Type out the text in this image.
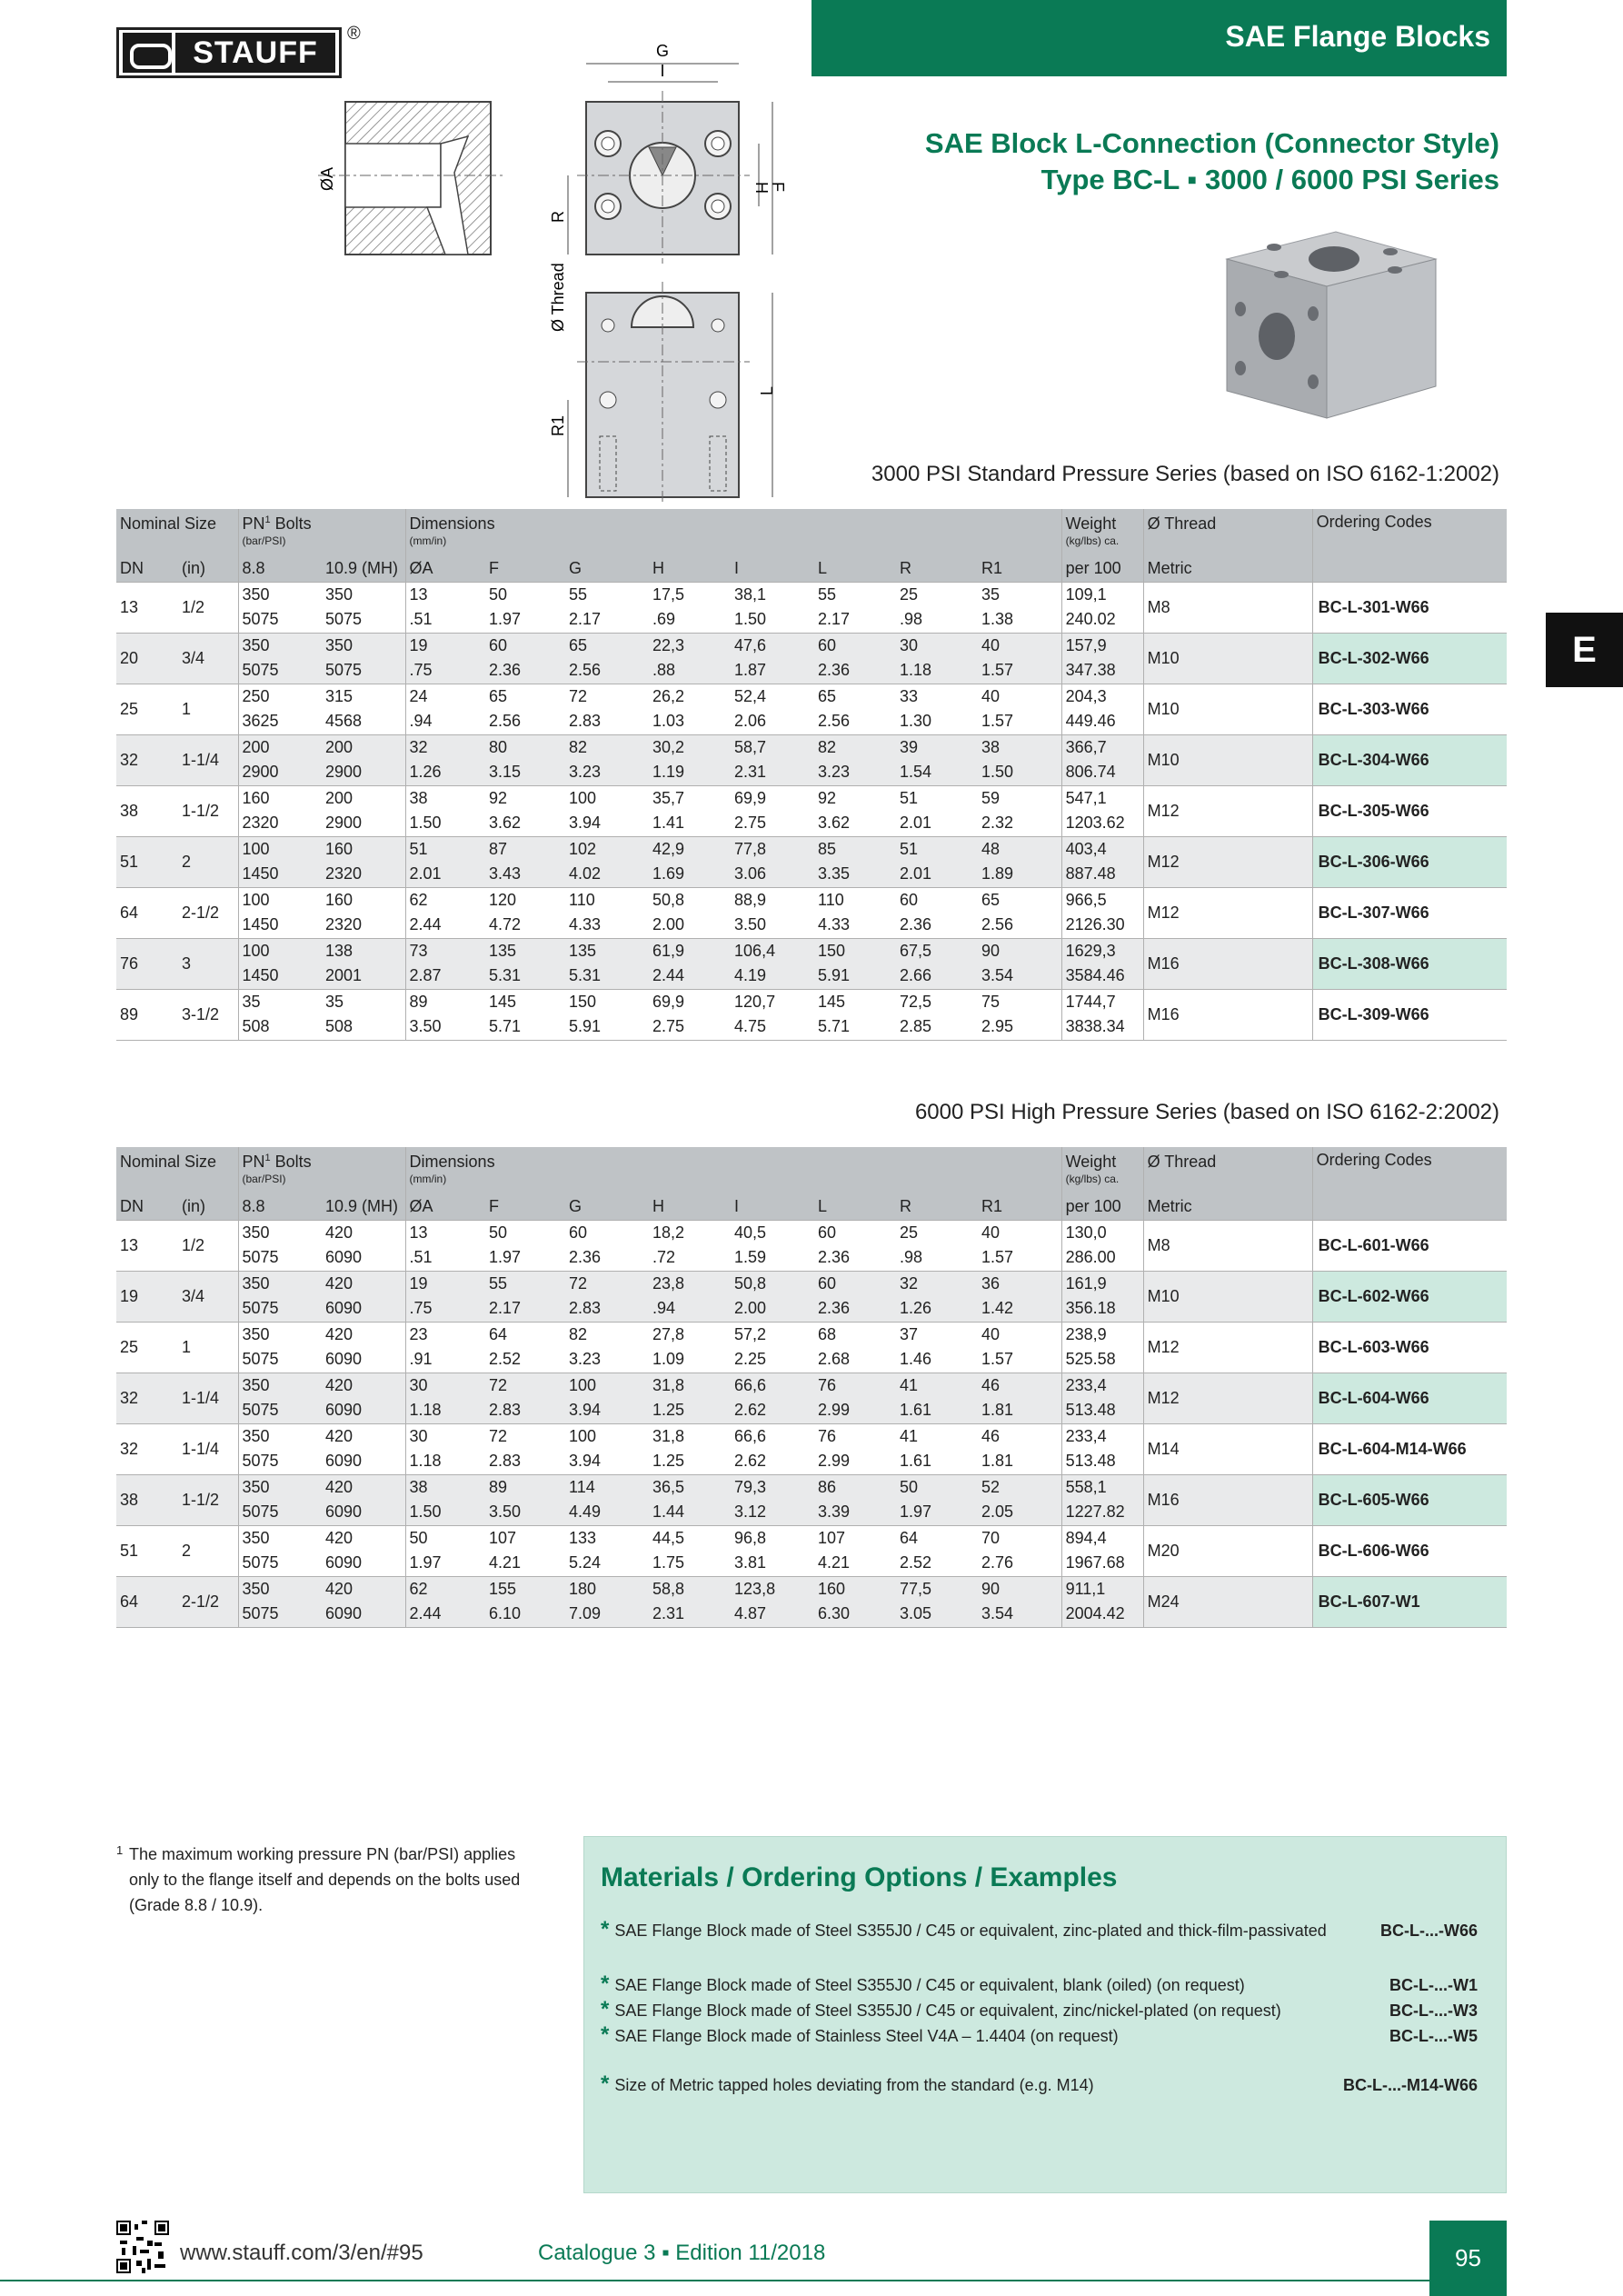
STAUFF
®	SAE Flange Blocks
SAE Block L-Connection (Connector Style)
Type BC-L ▪ 3000 / 6000 PSI Series
E
G
I
H
F
R
ØA
Ø Thread
L
R1
3000 PSI Standard Pressure Series (based on ISO 6162-1:2002)
Nominal Size		$PN^1$ Bolts		Dimensions								Weight	Ø Thread	Ordering Codes
		(bar/PSI)		(mm/in)								(kg/lbs) ca.		
DN	(in)	8.8	10.9 (MH)	ØA	F	G	H	I	L	R	R1	per 100	Metric	
13	1/2	350	350	13	50	55	17,5	38,1	55	25	35	109,1	M8	BC-L-301-W66
		5075	5075	.51	1.97	2.17	.69	1.50	2.17	.98	1.38	240.02		
20	3/4	350	350	19	60	65	22,3	47,6	60	30	40	157,9	M10	BC-L-302-W66
		5075	5075	.75	2.36	2.56	.88	1.87	2.36	1.18	1.57	347.38		
25	1	250	315	24	65	72	26,2	52,4	65	33	40	204,3	M10	BC-L-303-W66
		3625	4568	.94	2.56	2.83	1.03	2.06	2.56	1.30	1.57	449.46		
32	1-1/4	200	200	32	80	82	30,2	58,7	82	39	38	366,7	M10	BC-L-304-W66
		2900	2900	1.26	3.15	3.23	1.19	2.31	3.23	1.54	1.50	806.74		
38	1-1/2	160	200	38	92	100	35,7	69,9	92	51	59	547,1	M12	BC-L-305-W66
		2320	2900	1.50	3.62	3.94	1.41	2.75	3.62	2.01	2.32	1203.62		
51	2	100	160	51	87	102	42,9	77,8	85	51	48	403,4	M12	BC-L-306-W66
		1450	2320	2.01	3.43	4.02	1.69	3.06	3.35	2.01	1.89	887.48		
64	2-1/2	100	160	62	120	110	50,8	88,9	110	60	65	966,5	M12	BC-L-307-W66
		1450	2320	2.44	4.72	4.33	2.00	3.50	4.33	2.36	2.56	2126.30		
76	3	100	138	73	135	135	61,9	106,4	150	67,5	90	1629,3	M16	BC-L-308-W66
		1450	2001	2.87	5.31	5.31	2.44	4.19	5.91	2.66	3.54	3584.46		
89	3-1/2	35	35	89	145	150	69,9	120,7	145	72,5	75	1744,7	M16	BC-L-309-W66
		508	508	3.50	5.71	5.91	2.75	4.75	5.71	2.85	2.95	3838.34		
6000 PSI High Pressure Series (based on ISO 6162-2:2002)
Nominal Size		$PN^1$ Bolts		Dimensions								Weight	Ø Thread	Ordering Codes
		(bar/PSI)		(mm/in)								(kg/lbs) ca.		
DN	(in)	8.8	10.9 (MH)	ØA	F	G	H	I	L	R	R1	per 100	Metric	
13	1/2	350	420	13	50	60	18,2	40,5	60	25	40	130,0	M8	BC-L-601-W66
		5075	6090	.51	1.97	2.36	.72	1.59	2.36	.98	1.57	286.00		
19	3/4	350	420	19	55	72	23,8	50,8	60	32	36	161,9	M10	BC-L-602-W66
		5075	6090	.75	2.17	2.83	.94	2.00	2.36	1.26	1.42	356.18		
25	1	350	420	23	64	82	27,8	57,2	68	37	40	238,9	M12	BC-L-603-W66
		5075	6090	.91	2.52	3.23	1.09	2.25	2.68	1.46	1.57	525.58		
32	1-1/4	350	420	30	72	100	31,8	66,6	76	41	46	233,4	M12	BC-L-604-W66
		5075	6090	1.18	2.83	3.94	1.25	2.62	2.99	1.61	1.81	513.48		
32	1-1/4	350	420	30	72	100	31,8	66,6	76	41	46	233,4	M14	BC-L-604-M14-W66
		5075	6090	1.18	2.83	3.94	1.25	2.62	2.99	1.61	1.81	513.48		
38	1-1/2	350	420	38	89	114	36,5	79,3	86	50	52	558,1	M16	BC-L-605-W66
		5075	6090	1.50	3.50	4.49	1.44	3.12	3.39	1.97	2.05	1227.82		
51	2	350	420	50	107	133	44,5	96,8	107	64	70	894,4	M20	BC-L-606-W66
		5075	6090	1.97	4.21	5.24	1.75	3.81	4.21	2.52	2.76	1967.68		
64	2-1/2	350	420	62	155	180	58,8	123,8	160	77,5	90	911,1	M24	BC-L-607-W1
		5075	6090	2.44	6.10	7.09	2.31	4.87	6.30	3.05	3.54	2004.42		
1 The maximum working pressure PN (bar/PSI) applies only to the flange itself and depends on the bolts used (Grade 8.8 / 10.9).

Materials / Ordering Options / Examples
* SAE Flange Block made of Steel S355J0 / C45 or equivalent, zinc-plated and thick-film-passivated	BC-L-...-W66
* SAE Flange Block made of Steel S355J0 / C45 or equivalent, blank (oiled) (on request)	BC-L-...-W1
* SAE Flange Block made of Steel S355J0 / C45 or equivalent, zinc/nickel-plated (on request)	BC-L-...-W3
* SAE Flange Block made of Stainless Steel V4A – 1.4404 (on request)	BC-L-...-W5
* Size of Metric tapped holes deviating from the standard (e.g. M14)	BC-L-...-M14-W66
www.stauff.com/3/en/#95	Catalogue 3 ▪ Edition 11/2018	95
